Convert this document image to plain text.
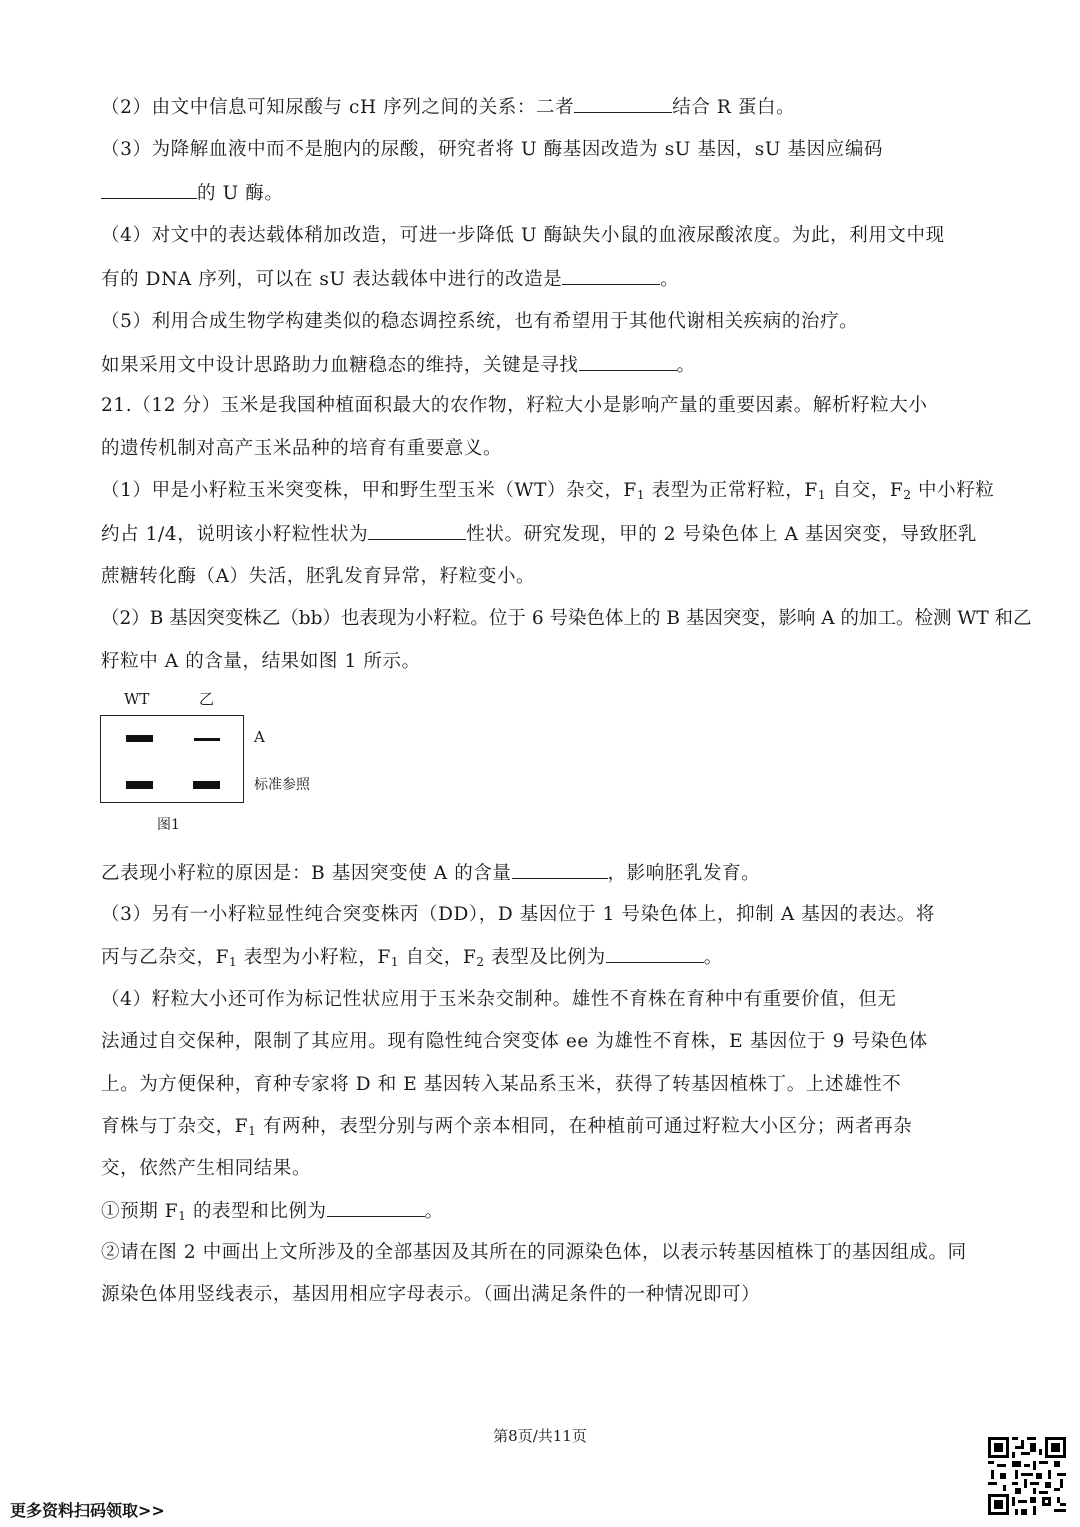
（2）由文中信息可知尿酸与 cH 序列之间的关系：二者	结合 R 蛋白。
（3）为降解血液中而不是胞内的尿酸，研究者将 U 酶基因改造为 sU 基因，sU 基因应编码
的 U 酶。
（4）对文中的表达载体稍加改造，可进一步降低 U 酶缺失小鼠的血液尿酸浓度。为此，利用文中现
有的 DNA 序列，可以在 sU 表达载体中进行的改造是	。
（5）利用合成生物学构建类似的稳态调控系统，也有希望用于其他代谢相关疾病的治疗。
如果采用文中设计思路助力血糖稳态的维持，关键是寻找	。
21.（12 分）玉米是我国种植面积最大的农作物，籽粒大小是影响产量的重要因素。解析籽粒大小
的遗传机制对高产玉米品种的培育有重要意义。
（1）甲是小籽粒玉米突变株，甲和野生型玉米（WT）杂交，$F_1$ 表型为正常籽粒，$F_1$ 自交，$F_2$ 中小籽粒
约占 1/4，说明该小籽粒性状为	性状。研究发现，甲的 2 号染色体上 A 基因突变，导致胚乳
蔗糖转化酶（A）失活，胚乳发育异常，籽粒变小。
（2）B 基因突变株乙（bb）也表现为小籽粒。位于 6 号染色体上的 B 基因突变，影响 A 的加工。检测 WT 和乙
籽粒中 A 的含量，结果如图 1 所示。
WT	乙
A
标准参照
图1
乙表现小籽粒的原因是：B 基因突变使 A 的含量	，影响胚乳发育。
（3）另有一小籽粒显性纯合突变株丙（DD），D 基因位于 1 号染色体上，抑制 A 基因的表达。将
丙与乙杂交，$F_1$ 表型为小籽粒，$F_1$ 自交，$F_2$ 表型及比例为	。
（4）籽粒大小还可作为标记性状应用于玉米杂交制种。雄性不育株在育种中有重要价值，但无
法通过自交保种，限制了其应用。现有隐性纯合突变体 ee 为雄性不育株，E 基因位于 9 号染色体
上。为方便保种，育种专家将 D 和 E 基因转入某品系玉米，获得了转基因植株丁。上述雄性不
育株与丁杂交，$F_1$ 有两种，表型分别与两个亲本相同，在种植前可通过籽粒大小区分；两者再杂
交，依然产生相同结果。
①预期 $F_1$ 的表型和比例为	。
②请在图 2 中画出上文所涉及的全部基因及其所在的同源染色体，以表示转基因植株丁的基因组成。同
源染色体用竖线表示，基因用相应字母表示。（画出满足条件的一种情况即可）
第8页/共11页
更多资料扫码领取>>
